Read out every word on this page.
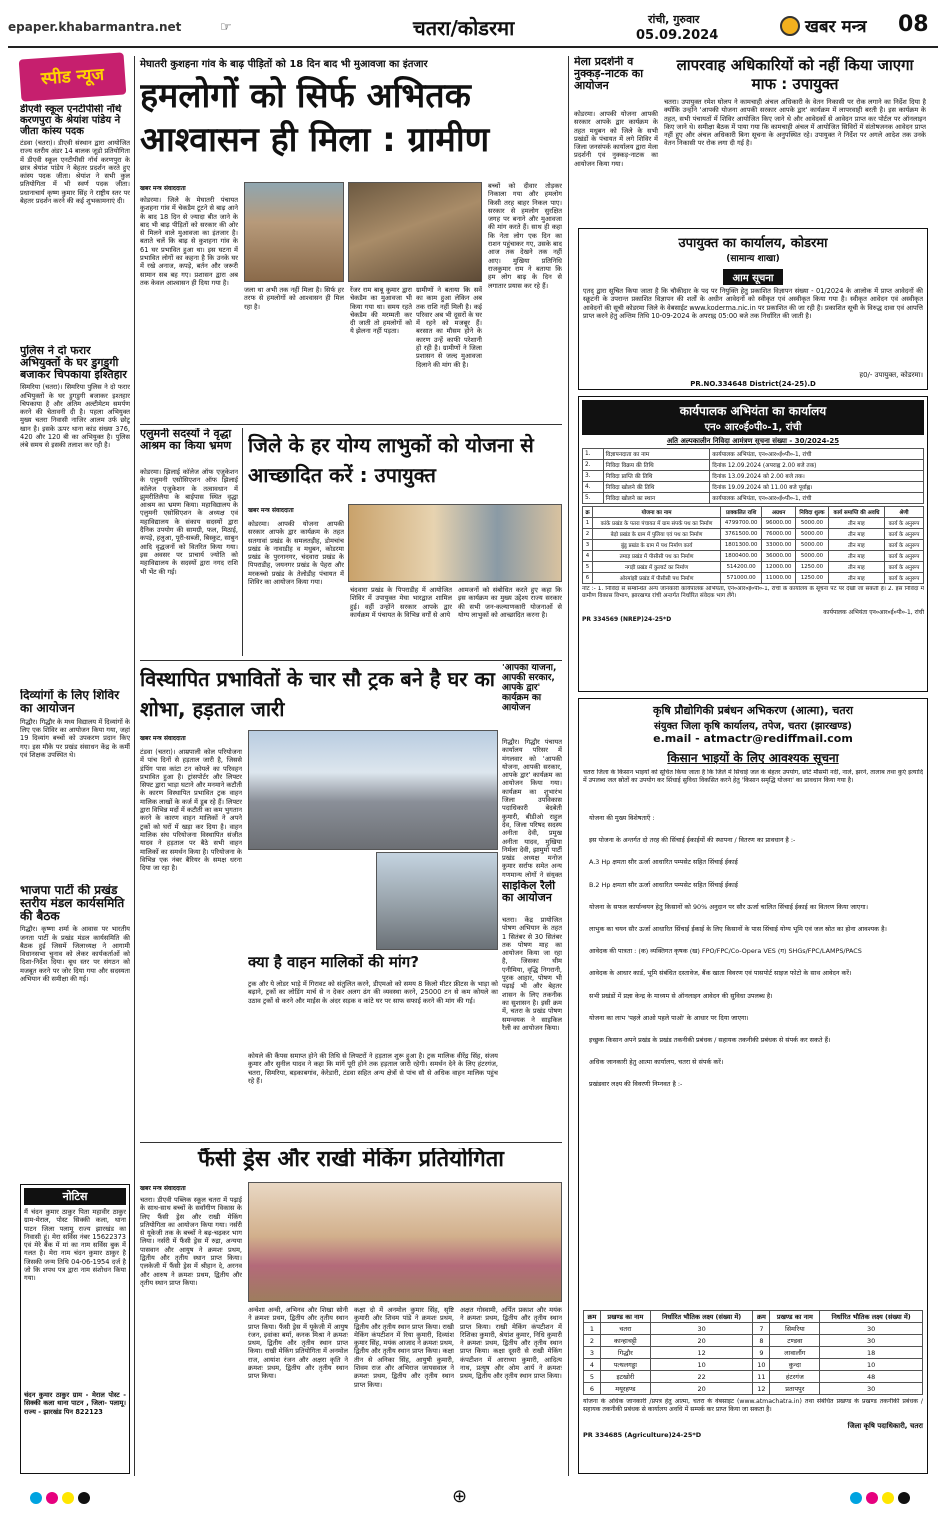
epaper.khabarmantra.net	☞	चतरा/कोडरमा	रांची, गुरुवार
05.09.2024	खबर मन्त्र 08
स्पीड न्यूज
डीएवी स्कूल एनटीपीसी नॉर्थ करणपुरा के श्रेयांश पांडेय ने जीता कांस्य पदक
टंडवा (चतरा)। डीएवी संस्थान द्वारा आयोजित राज्य स्तरीय अंडर 14 बालक जूडो प्रतियोगिता में डीएवी स्कूल एनटीपीसी नॉर्थ करणपुरा के छात्र श्रेयांश पांडेय ने बेहतर प्रदर्शन करते हुए कांस्य पदक जीता। श्रेयांश ने सभी कुल प्रतियोगिता में भी स्वर्ण पदक जीता। प्रधानाचार्य कृष्ण कुमार सिंह ने राष्ट्रीय स्तर पर बेहतर प्रदर्शन करने की कई शुभकामनाएं दी।
पुलिस ने दो फरार अभियुक्तों के घर डुगडुगी बजाकर चिपकाया इश्तिहार
सिमरिया (चतरा)। सिमरिया पुलिस ने दो फरार अभियुक्तों के घर डुगडुगी बजाकर इश्तहार चिपकाया है और अंतिम अल्टीमेटम समर्पण करने की चेतावनी दी है। पहला अभियुक्त मुख्य चतरा निवासी नाजिर आलम उर्फ छोटू खान है। इसके ऊपर थाना कांड संख्या 376, 420 और 120 बी का अभियुक्त है। पुलिस लंबे समय से इसकी तलाश कर रही है।
दिव्यांगों के लिए शिविर का आयोजन
गिद्धौर। गिद्धौर के मध्य विद्यालय में दिव्यांगों के लिए एक शिविर का आयोजन किया गया, जहां 19 दिव्यांग बच्चों को उपकरण प्रदान किए गए। इस मौके पर प्रखंड संसाधन केंद्र के कर्मी एवं शिक्षक उपस्थित थे।
भाजपा पार्टी की प्रखंड स्तरीय मंडल कार्यसमिति की बैठक
गिद्धौर। कृष्णा शर्मा के आवास पर भारतीय जनता पार्टी के प्रखंड मंडल कार्यसमिति की बैठक हुई जिसमें जिलाध्यक्ष ने आगामी विधानसभा चुनाव को लेकर कार्यकर्ताओं को दिशा-निर्देश दिया। बूथ स्तर पर संगठन को मजबूत करने पर जोर दिया गया और सदस्यता अभियान की समीक्षा की गई।
नोटिस
मैं चंदन कुमार ठाकुर पिता महावीर ठाकुर ग्राम-मेराल, पोस्ट सिक्की कला, थाना पाटन जिला पलामू राज्य झारखंड का निवासी हूं। मेरा सर्विस नंबर 15622373 एवं मेरे बैंक में मां का नाम सर्विस बुक में गलत है। मेरा नाम चंदन कुमार ठाकुर है जिसकी जन्म तिथि 04-06-1954 दर्ज है जो कि शपथ पत्र द्वारा नाम संशोधन किया गया।
चंदन कुमार ठाकुर ग्राम - मेराल पोस्ट - सिक्की कला थाना पाटन , जिला- पलामू। राज्य - झारखंड पिन 822123
मेघातरी कुशहना गांव के बाढ़ पीड़ितों को 18 दिन बाद भी मुआवजा का इंतजार
हमलोगों को सिर्फ अभितक आश्वासन ही मिला : ग्रामीण
खबर मन्त्र संवाददाता
कोडरमा। जिले के मेघातरी पंचायत कुशहना गांव में चेकडैम टूटने से बाढ़ आने के बाद 18 दिन से ज्यादा बीत जाने के बाद भी बाढ़ पीड़ितों को सरकार की ओर से मिलने वाले मुआवजा का इंतजार है। बताते चलें कि बाढ़ से कुशहना गांव के 61 घर प्रभावित हुआ था। इस घटना में प्रभावित लोगों का कहना है कि उनके घर में रखे अनाज, कपड़े, बर्तन और जरूरी सामान सब बह गए। प्रशासन द्वारा अब तक केवल आश्वासन ही दिया गया है।
जला था अभी तक नहीं मिला है। सिर्फ हर तरफ से हमलोगों को आश्वासन ही मिल रहा है।
रेंजर राम बाबू कुमार द्वारा चेकडैम का मुआवजा भी किया गया था। समय रहते चेकडैम की मरम्मती कर दी जाती तो हमलोगों को ये झेलना नहीं पड़ता।
ग्रामीणों ने बताया कि सर्वे का काम हुआ लेकिन अब तक राशि नहीं मिली है। कई परिवार अब भी दूसरों के घर में रहने को मजबूर हैं। बरसात का मौसम होने के कारण उन्हें काफी परेशानी हो रही है। ग्रामीणों ने जिला प्रशासन से जल्द मुआवजा दिलाने की मांग की है।
बच्चों को दीवार तोड़कर निकाला गया और हमलोग किसी तरह बाहर निकल पाए। सरकार से हमलोग सुरक्षित जगह पर बनाने और मुआवजा की मांग करते हैं। साथ ही कहा कि नेता लोग एक दिन का राशन पहुंचाकर गए, उसके बाद आज तक देखने तक नहीं आए। मुखिया प्रतिनिधि राजकुमार राम ने बताया कि हम लोग बाढ़ के दिन से लगातार प्रयास कर रहे हैं।
एलुमनी सदस्यों ने वृद्धा आश्रम का किया भ्रमण
कोडरमा। झिलाई कॉलेज ऑफ एजुकेशन के एलुमनी एसोसिएशन ऑफ झिलाई कॉलेज एजुकेशन के तत्वावधान में झुमरीतिलैया के बाईपास स्थित वृद्धा आश्रम का भ्रमण किया। महाविद्यालय के एलुमनी एसोसिएशन के अध्यक्ष एवं महाविद्यालय के संकाय सदस्यों द्वारा दैनिक उपयोग की सामग्री, फल, मिठाई, कपड़े, हलुआ, पूरी-सब्जी, बिस्कुट, साबुन आदि वृद्धजनों को वितरित किया गया। इस अवसर पर प्राचार्य ज्योति को महाविद्यालय के सदस्यों द्वारा नगद राशि भी भेंट की गई।
जिले के हर योग्य लाभुकों को योजना से आच्छादित करें : उपायुक्त
खबर मन्त्र संवाददाता
कोडरमा। आपकी योजना आपकी सरकार आपके द्वार कार्यक्रम के तहत सतगावां प्रखंड के समलतड़ीह, डोमचांच प्रखंड के नावाडीह व मधुबन, कोडरमा प्रखंड के पुरनानगर, चंदवारा प्रखंड के पिपराडीह, जयनगर प्रखंड के पेहरा और मरकच्चो प्रखंड के तेलोडीह पंचायत में शिविर का आयोजन किया गया।
चंदवारा प्रखंड के पिपराडीह में आयोजित शिविर में उपायुक्त मेघा भारद्वाज शामिल हुई। वहीं उन्होंने सरकार आपके द्वार कार्यक्रम में पंचायत के विभिन्न वर्गों से आये
आमजनों को संबोधित करते हुए कहा कि इस कार्यक्रम का मुख्य उद्देश्य राज्य सरकार की सभी जन-कल्याणकारी योजनाओं से योग्य लाभुकों को आच्छादित करना है।
विस्थापित प्रभावितों के चार सौ ट्रक बने है घर का शोभा, हड़ताल जारी
खबर मन्त्र संवाददाता
टंडवा (चतरा)। आम्रपाली कोल परियोजना में पांच दिनों से हड़ताल जारी है, जिससे डंपिंग पास कांटा टन कोयले का परिवहन प्रभावित हुआ है। ट्रांसपोर्टर और लिफ्टर सिफ्ट द्वारा भाड़ा घटाने और मनमाने कटौती के कारण विस्थापित प्रभावित ट्रक वाहन मालिक लाखों के कर्ज में डूब रहे हैं। लिफ्टर द्वारा विभिन्न मदों में कटौती का कम भुगतान करने के कारण वाहन मालिकों ने अपने ट्रकों को घरों में खड़ा कर दिया है। वाहन मालिक संघ परियोजना विस्थापित संजीत यादव ने हड़ताल पर बैठे सभी वाहन मालिकों का समर्थन किया है। परियोजना के विभिन्न एक नंबर बैरियर के समक्ष धरना दिया जा रहा है।
क्या है वाहन मालिकों की मांग?
ट्रक और ये लोडर भाड़े में गिरावट को संतुलित करने, डीएमओ को समय 8 किलो मीटर फ्रीटस के भाड़ा को बढ़ाने, ट्रकों का लोडिंग मार्च से न देकर अलग ढंग की व्यवस्था करने, 25000 टन से कम कोयले का उठाव ट्रकों से करने और माईंस के अंदर सड़क व कांटे घर पर साफ सफाई करने की मांग की गई।
कोयले की कैंपस समाप्त होने की तिथि से लिफ्टरों ने हड़ताल शुरू हुआ है। ट्रक मालिक वीरेंद्र सिंह, संजय कुमार और सुनील यादव ने कहा कि मांगें पूरी होने तक हड़ताल जारी रहेगी। समर्थन देने के लिए हंटरगंज, चतरा, सिमरिया, बड़काबगांव, केरेडारी, टंडवा सहित अन्य क्षेत्रों से पांच सौ से अधिक वाहन मालिक पहुंच रहे हैं।
'आपकी योजना, आपकी सरकार, आपके द्वार' कार्यक्रम का आयोजन
गिद्धौर। गिद्धौर पंचायत कार्यालय परिसर में मंगलवार को 'आपकी योजना, आपकी सरकार, आपके द्वार' कार्यक्रम का आयोजन किया गया। कार्यक्रम का शुभारंभ जिला उपविकास पदाधिकारी बेदबेती कुमारी, बीडीओ राहुल देव, जिला परिषद सदस्य अनीता देवी, प्रमुख अनीता यादव, मुखिया निर्मला देवी, झामुमो पार्टी प्रखंड अध्यक्ष मनोज कुमार सर्राफ समेत अन्य गणमान्य लोगों ने संयुक्त
साइकिल रैली का आयोजन
चतरा। केंद्र प्रायोजित पोषण अभियान के तहत 1 सितंबर से 30 सितंबर तक पोषण माह का आयोजन किया जा रहा है, जिसका थीम एनीमिया, वृद्धि निगरानी, पूरक आहार, पोषण भी पढ़ाई भी और बेहतर शासन के लिए तकनीक का सुशासन है। इसी क्रम में, चतरा के प्रखंड पोषण समन्वयक ने साइकिल रैली का आयोजन किया।
फैंसी ड्रेस और राखी मेकिंग प्रतियोगिता
खबर मन्त्र संवाददाता
चतरा। डीएवी पब्लिक स्कूल चतरा में पढ़ाई के साथ-साथ बच्चों के सर्वांगीण विकास के लिए फैंसी ड्रेस और राखी मेकिंग प्रतियोगिता का आयोजन किया गया। नर्सरी से यूकेजी तक के बच्चों ने बढ़-चढ़कर भाग लिया। नर्सरी में फैंसी ड्रेस में रुद्रा, अन्यया पासवान और आयुष ने क्रमशः प्रथम, द्वितीय और तृतीय स्थान प्राप्त किया। एलकेजी में फैंसी ड्रेस में श्रीहान दे, अरनव और आरुष ने क्रमशः प्रथम, द्वितीय और तृतीय स्थान प्राप्त किया।
अन्वेशा अन्वी, अभिनव और शिखा सोनी ने क्रमशः प्रथम, द्वितीय और तृतीय स्थान प्राप्त किया। फैंसी ड्रेस में यूकेजी में आयुष रंजन, इवांका बर्मा, कनक मिश्रा ने क्रमशः प्रथम, द्वितीय और तृतीय स्थान प्राप्त किया। राखी मेकिंग प्रतियोगिता में अनमोल राज, आयांश रंजन और अक्षरा कृति ने क्रमशः प्रथम, द्वितीय और तृतीय स्थान प्राप्त किया।
कक्षा दो में अनमोल कुमार सिंह, सृष्टि कुमारी और शिवम पांडे ने क्रमशः प्रथम, द्वितीय और तृतीय स्थान प्राप्त किया। राखी मेकिंग कंपटीशन में रिया कुमारी, दिव्यांश कुमार सिंह, मयंक आजाद ने क्रमशः प्रथम, द्वितीय और तृतीय स्थान प्राप्त किया। कक्षा तीन से अनिका सिंह, आयुषी कुमारी, शिवम राज और अभिराज जायसवाल ने क्रमशः प्रथम, द्वितीय और तृतीय स्थान प्राप्त किया।
अक्षत गोस्वामी, अर्पित प्रकाश और मयंक ने क्रमशः प्रथम, द्वितीय और तृतीय स्थान प्राप्त किया। राखी मेकिंग कंपटीशन में रिशिका कुमारी, श्रेयांश कुमार, निधि कुमारी ने क्रमशः प्रथम, द्वितीय और तृतीय स्थान प्राप्त किया। कक्षा दूसरी से राखी मेकिंग कंपटीशन में आराध्या कुमारी, आदित्य नाथ, प्रत्यूष और ओम आर्य ने क्रमशः प्रथम, द्वितीय और तृतीय स्थान प्राप्त किया।
मेला प्रदर्शनी व नुक्कड़-नाटक का आयोजन
कोडरमा। आपकी योजना आपकी सरकार आपके द्वार कार्यक्रम के तहत मधुबन को जिले के सभी प्रखंडों के पंचायत में लगे शिविर में जिला जनसंपर्क कार्यालय द्वारा मेला प्रदर्शनी एवं नुक्कड़-नाटक का आयोजन किया गया।
लापरवाह अधिकारियों को नहीं किया जाएगा माफ : उपायुक्त
चतरा। उपायुक्त रमेश घोलप ने कामचाही अंचल अधिकारी के वेतन निकासी पर रोक लगाने का निर्देश दिया है क्योंकि उन्होंने 'आपकी योजना आपकी सरकार आपके द्वार' कार्यक्रम में लापरवाही बरती है। इस कार्यक्रम के तहत, सभी पंचायतों में शिविर आयोजित किए जाने थे और आवेदकों से आवेदन प्राप्त कर पोर्टल पर ऑनलाइन किए जाने थे। समीक्षा बैठक में पाया गया कि कामचाही अंचल में आयोजित सिविरों में संतोषजनक आवेदन प्राप्त नहीं हुए और अंचल अधिकारी बिना सूचना के अनुपस्थित रहे। उपायुक्त ने निर्देश पर अगले आदेश तक उनके वेतन निकासी पर रोक लगा दी गई है।
उपायुक्त का कार्यालय, कोडरमा
(सामान्य शाखा)
आम सूचना
एतद् द्वारा सूचित किया जाता है कि चौकीदार के पद पर नियुक्ति हेतु प्रकाशित विज्ञापन संख्या - 01/2024 के आलोक में प्राप्त आवेदनों की स्क्रूटनी के उपरान्त प्रकाशित विज्ञापन की शर्तों के अधीन आवेदनों को स्वीकृत एवं अस्वीकृत किया गया है। स्वीकृत आवेदन एवं अस्वीकृत आवेदनों की सूची कोडरमा जिले के वेबसाईट www.koderma.nic.in पर प्रकाशित की जा रही है। प्रकाशित सूची के विरुद्ध दावा एवं आपत्ति प्राप्त करने हेतु अन्तिम तिथि 10-09-2024 के अपराह्न 05:00 बजे तक निर्धारित की जाती है।
ह0/- उपायुक्त, कोडरमा।
PR.NO.334648 District(24-25).D
कार्यपालक अभियंता का कार्यालय
एन० आर०ई०पी०-1, रांची
अति अल्पकालीन निविदा आमंत्रण सूचना संख्या - 30/2024-25
1.	विज्ञापनदाता का नाम	कार्यपालक अभियंता, एन०आर०ई०पी०-1, रांची
2.	निविदा विक्रय की तिथि	दिनांक 12.09.2024 (अपराह्न 2.00 बजे तक)
3.	निविदा प्राप्ति की तिथि	दिनांक 13.09.2024 को 2.00 बजे तक।
4.	निविदा खोलने की तिथि	दिनांक 19.09.2024 को 11.00 बजे पूर्वाह्न।
5.	निविदा खोलने का स्थान	कार्यपालक अभियंता, एन०आर०ई०पी०-1, रांची
क्र	योजना का नाम	प्राक्कलित राशि	अग्रधन	निविदा शुल्क	कार्य समाप्ति की अवधि	श्रेणी
1	कांके प्रखंड के पतरा पंचायत में ग्राम संपर्क पथ का निर्माण	4799700.00	96000.00	5000.00	तीन माह	कार्य के अनुरूप
2	बेड़ो प्रखंड के ग्राम में पुलिया एवं पथ का निर्माण	3761500.00	76000.00	5000.00	तीन माह	कार्य के अनुरूप
3	बुंडू प्रखंड के ग्राम में पथ निर्माण कार्य	1801300.00	33000.00	5000.00	तीन माह	कार्य के अनुरूप
4	तमाड़ प्रखंड में पीसीसी पथ का निर्माण	1800400.00	36000.00	5000.00	तीन माह	कार्य के अनुरूप
5	नगड़ी प्रखंड में कुल्वर्ट का निर्माण	514200.00	12000.00	1250.00	तीन माह	कार्य के अनुरूप
6	ओरमांझी प्रखंड में पीसीसी पथ निर्माण	571000.00	11000.00	1250.00	तीन माह	कार्य के अनुरूप
नोट :- 1. निविदा से सम्बन्धित अन्य जानकारी कार्यपालक अभियंता, एन०आर०ई०पी०-1, रांची के कार्यालय के सूचना पट पर देखी जा सकती है। 2. इस निविदा में ग्रामीण विकास विभाग, झारखण्ड रांची अन्तर्गत निर्धारित संवेदक भाग लेंगे।
कार्यपालक अभियंता एन०आर०ई०पी०-1, रांची
PR 334569 (NREP)24-25*D
कृषि प्रौद्योगिकी प्रबंधन अभिकरण (आत्मा), चतरा
संयुक्त जिला कृषि कार्यालय, तपेज, चतरा (झारखण्ड)
e.mail - atmactr@rediffmail.com
किसान भाइयों के लिए आवश्यक सूचना
चतरा जिला के किसान भाइयों को सूचित किया जाता है कि जिले में सिंचाई जल के बेहतर उपयोग, छोटे मौसमी नदी, नाले, झरने, तालाब तथा कुएं इत्यादि में उपलब्ध जल स्रोतों का उपयोग कर सिंचाई सुविधा विकसित करने हेतु 'किसान समृद्धि योजना' का प्रावधान किया गया है।
योजना की मुख्य विशेषताएँ :
इस योजना के अन्तर्गत दो तरह की सिंचाई ईकाईयों की स्थापना / वितरण का प्रावधान है :-
A.3 Hp क्षमता सौर ऊर्जा आधारित पम्पसेट सहित सिंचाई ईकाई
B.2 Hp क्षमता सौर ऊर्जा आधारित पम्पसेट सहित सिंचाई ईकाई
योजना के सफल कार्यान्वयन हेतु किसानों को 90% अनुदान पर सौर ऊर्जा चालित सिंचाई ईकाई का वितरण किया जाएगा।
लाभुक का चयन सौर ऊर्जा आधारित सिंचाई ईकाई के लिए किसानों के पास सिंचाई योग्य भूमि एवं जल स्रोत का होना आवश्यक है।
आवेदक की पात्रता : (क) व्यक्तिगत कृषक (ख) FPO/FPC/Co-Opera VES (ग) SHGs/FPC/LAMPS/PACS
आवेदक के आधार कार्ड, भूमि संबंधित दस्तावेज, बैंक खाता विवरण एवं पासपोर्ट साइज फोटो के साथ आवेदन करें।
सभी प्रखंडों में प्रज्ञा केन्द्र के माध्यम से ऑनलाइन आवेदन की सुविधा उपलब्ध है।
योजना का लाभ 'पहले आओ पहले पाओ' के आधार पर दिया जाएगा।
इच्छुक किसान अपने प्रखंड के प्रखंड तकनीकी प्रबंधक / सहायक तकनीकी प्रबंधक से संपर्क कर सकते हैं।
अधिक जानकारी हेतु आत्मा कार्यालय, चतरा से संपर्क करें।
प्रखंडवार लक्ष्य की विवरणी निम्नवत है :-
क्रम	प्रखण्ड का नाम	निर्धारित भौतिक लक्ष्य (संख्या में)	क्रम	प्रखण्ड का नाम	निर्धारित भौतिक लक्ष्य (संख्या में)
1	चतरा	30	7	सिमरिया	30
2	कान्हाचट्टी	20	8	टण्डवा	30
3	गिद्धौर	12	9	लावालौंग	18
4	पत्थलगड्डा	10	10	कुन्दा	10
5	इटखोरी	22	11	हंटरगंज	48
6	मयूरहण्ड	20	12	प्रतापपुर	30
योजना के अधिक जानकारी /प्रपत्र हेतु आत्मा, चतरा के वेबसाइट (www.atmachatra.in) तथा संबंधित प्रखण्ड के प्रखण्ड तकनीकी प्रबंधक / सहायक तकनीकी प्रबंधक से कार्यालय अवधि में सम्पर्क कर प्राप्त किया जा सकता है।
जिला कृषि पदाधिकारी, चतरा
PR 334685 (Agriculture)24-25*D
⊕
